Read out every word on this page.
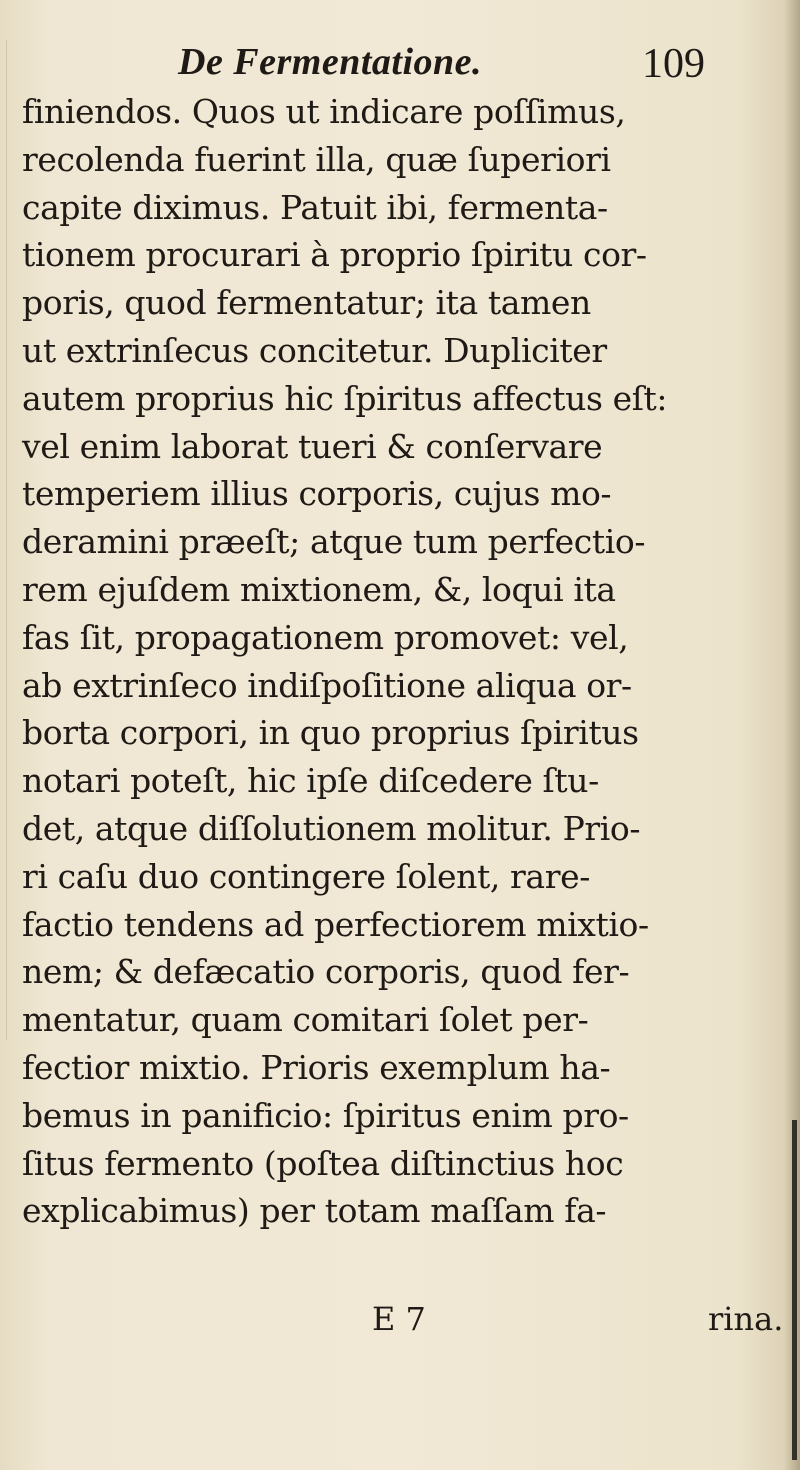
De Fermentatione.	109
finiendos. Quos ut indicare poſſimus,
recolenda fuerint illa, quæ ſuperiori
capite diximus. Patuit ibi, fermenta-
tionem procurari à proprio ſpiritu cor-
poris, quod fermentatur; ita tamen
ut extrinſecus concitetur. Dupliciter
autem proprius hic ſpiritus affectus eſt:
vel enim laborat tueri & conſervare
temperiem illius corporis, cujus mo-
deramini præeſt; atque tum perfectio-
rem ejuſdem mixtionem, &, loqui ita
fas ſit, propagationem promovet: vel,
ab extrinſeco indiſpoſitione aliqua or-
borta corpori, in quo proprius ſpiritus
notari poteſt, hic ipſe diſcedere ſtu-
det, atque diſſolutionem molitur. Prio-
ri caſu duo contingere ſolent, rare-
factio tendens ad perfectiorem mixtio-
nem; & defæcatio corporis, quod fer-
mentatur, quam comitari ſolet per-
fectior mixtio. Prioris exemplum ha-
bemus in panificio: ſpiritus enim pro-
ſitus fermento (poſtea diſtinctius hoc
explicabimus) per totam maſſam fa-
E 7	rina.
